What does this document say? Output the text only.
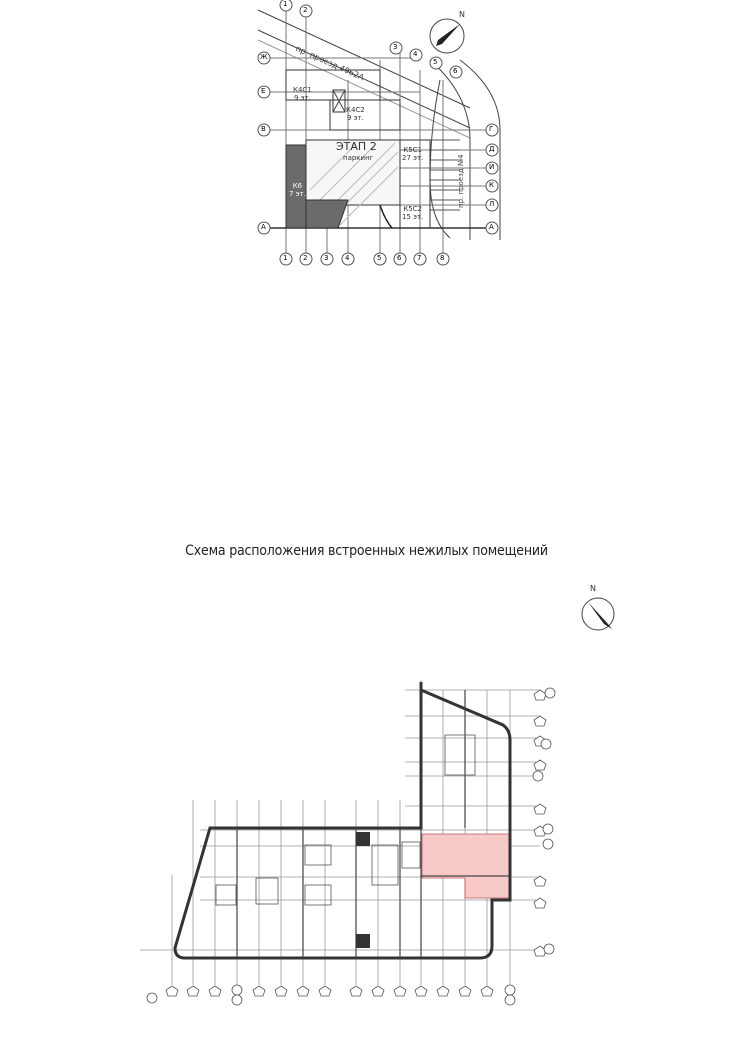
N
пр. проезд 4062А
пр. проезд №4
ЭТАП 2
паркинг
К4С1
9 эт.
К4С2
9 эт.
К5С1
27 эт.
К5С2
15 эт.
К6
7 эт.
Ж
Е
В
А	А
Г
Д
И
К
Л
1 2 3 4	5 6 7	8
1
2
3
4
5
6
Схема расположения встроенных нежилых помещений
N
